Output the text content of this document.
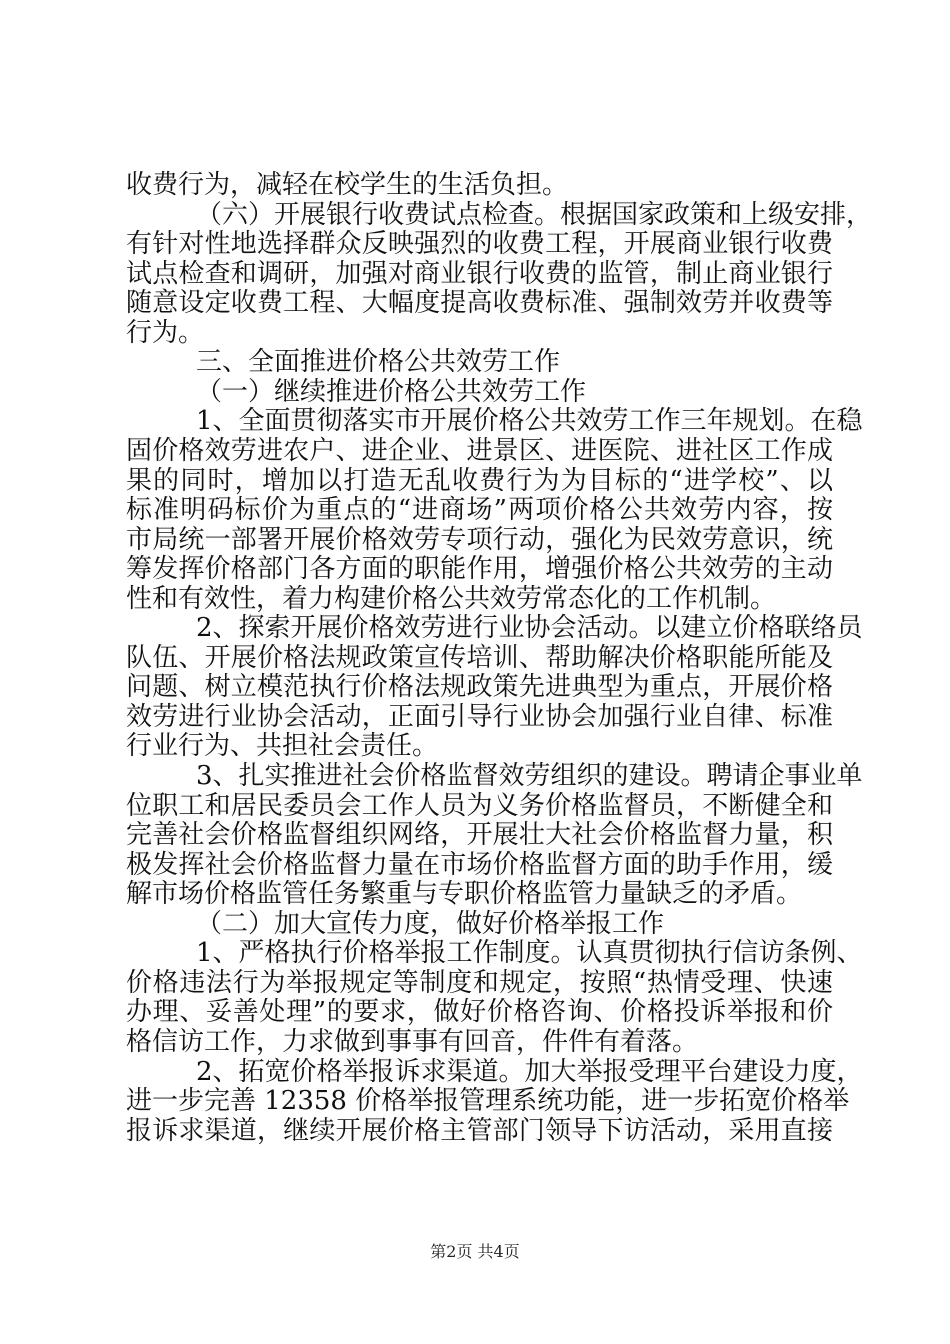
收费行为，减轻在校学生的生活负担。
（六）开展银行收费试点检查。根据国家政策和上级安排，
有针对性地选择群众反映强烈的收费工程，开展商业银行收费
试点检查和调研，加强对商业银行收费的监管，制止商业银行
随意设定收费工程、大幅度提高收费标准、强制效劳并收费等
行为。
三、全面推进价格公共效劳工作
（一）继续推进价格公共效劳工作
1、全面贯彻落实市开展价格公共效劳工作三年规划。在稳
固价格效劳进农户、进企业、进景区、进医院、进社区工作成
果的同时，增加以打造无乱收费行为为目标的“进学校”、以
标准明码标价为重点的“进商场”两项价格公共效劳内容，按
市局统一部署开展价格效劳专项行动，强化为民效劳意识，统
筹发挥价格部门各方面的职能作用，增强价格公共效劳的主动
性和有效性，着力构建价格公共效劳常态化的工作机制。
2、探索开展价格效劳进行业协会活动。以建立价格联络员
队伍、开展价格法规政策宣传培训、帮助解决价格职能所能及
问题、树立模范执行价格法规政策先进典型为重点，开展价格
效劳进行业协会活动，正面引导行业协会加强行业自律、标准
行业行为、共担社会责任。
3、扎实推进社会价格监督效劳组织的建设。聘请企事业单
位职工和居民委员会工作人员为义务价格监督员，不断健全和
完善社会价格监督组织网络，开展壮大社会价格监督力量，积
极发挥社会价格监督力量在市场价格监督方面的助手作用，缓
解市场价格监管任务繁重与专职价格监管力量缺乏的矛盾。
（二）加大宣传力度，做好价格举报工作
1、严格执行价格举报工作制度。认真贯彻执行信访条例、
价格违法行为举报规定等制度和规定，按照“热情受理、快速
办理、妥善处理”的要求，做好价格咨询、价格投诉举报和价
格信访工作，力求做到事事有回音，件件有着落。
2、拓宽价格举报诉求渠道。加大举报受理平台建设力度，
进一步完善 12358 价格举报管理系统功能，进一步拓宽价格举
报诉求渠道，继续开展价格主管部门领导下访活动，采用直接
第2页 共4页
